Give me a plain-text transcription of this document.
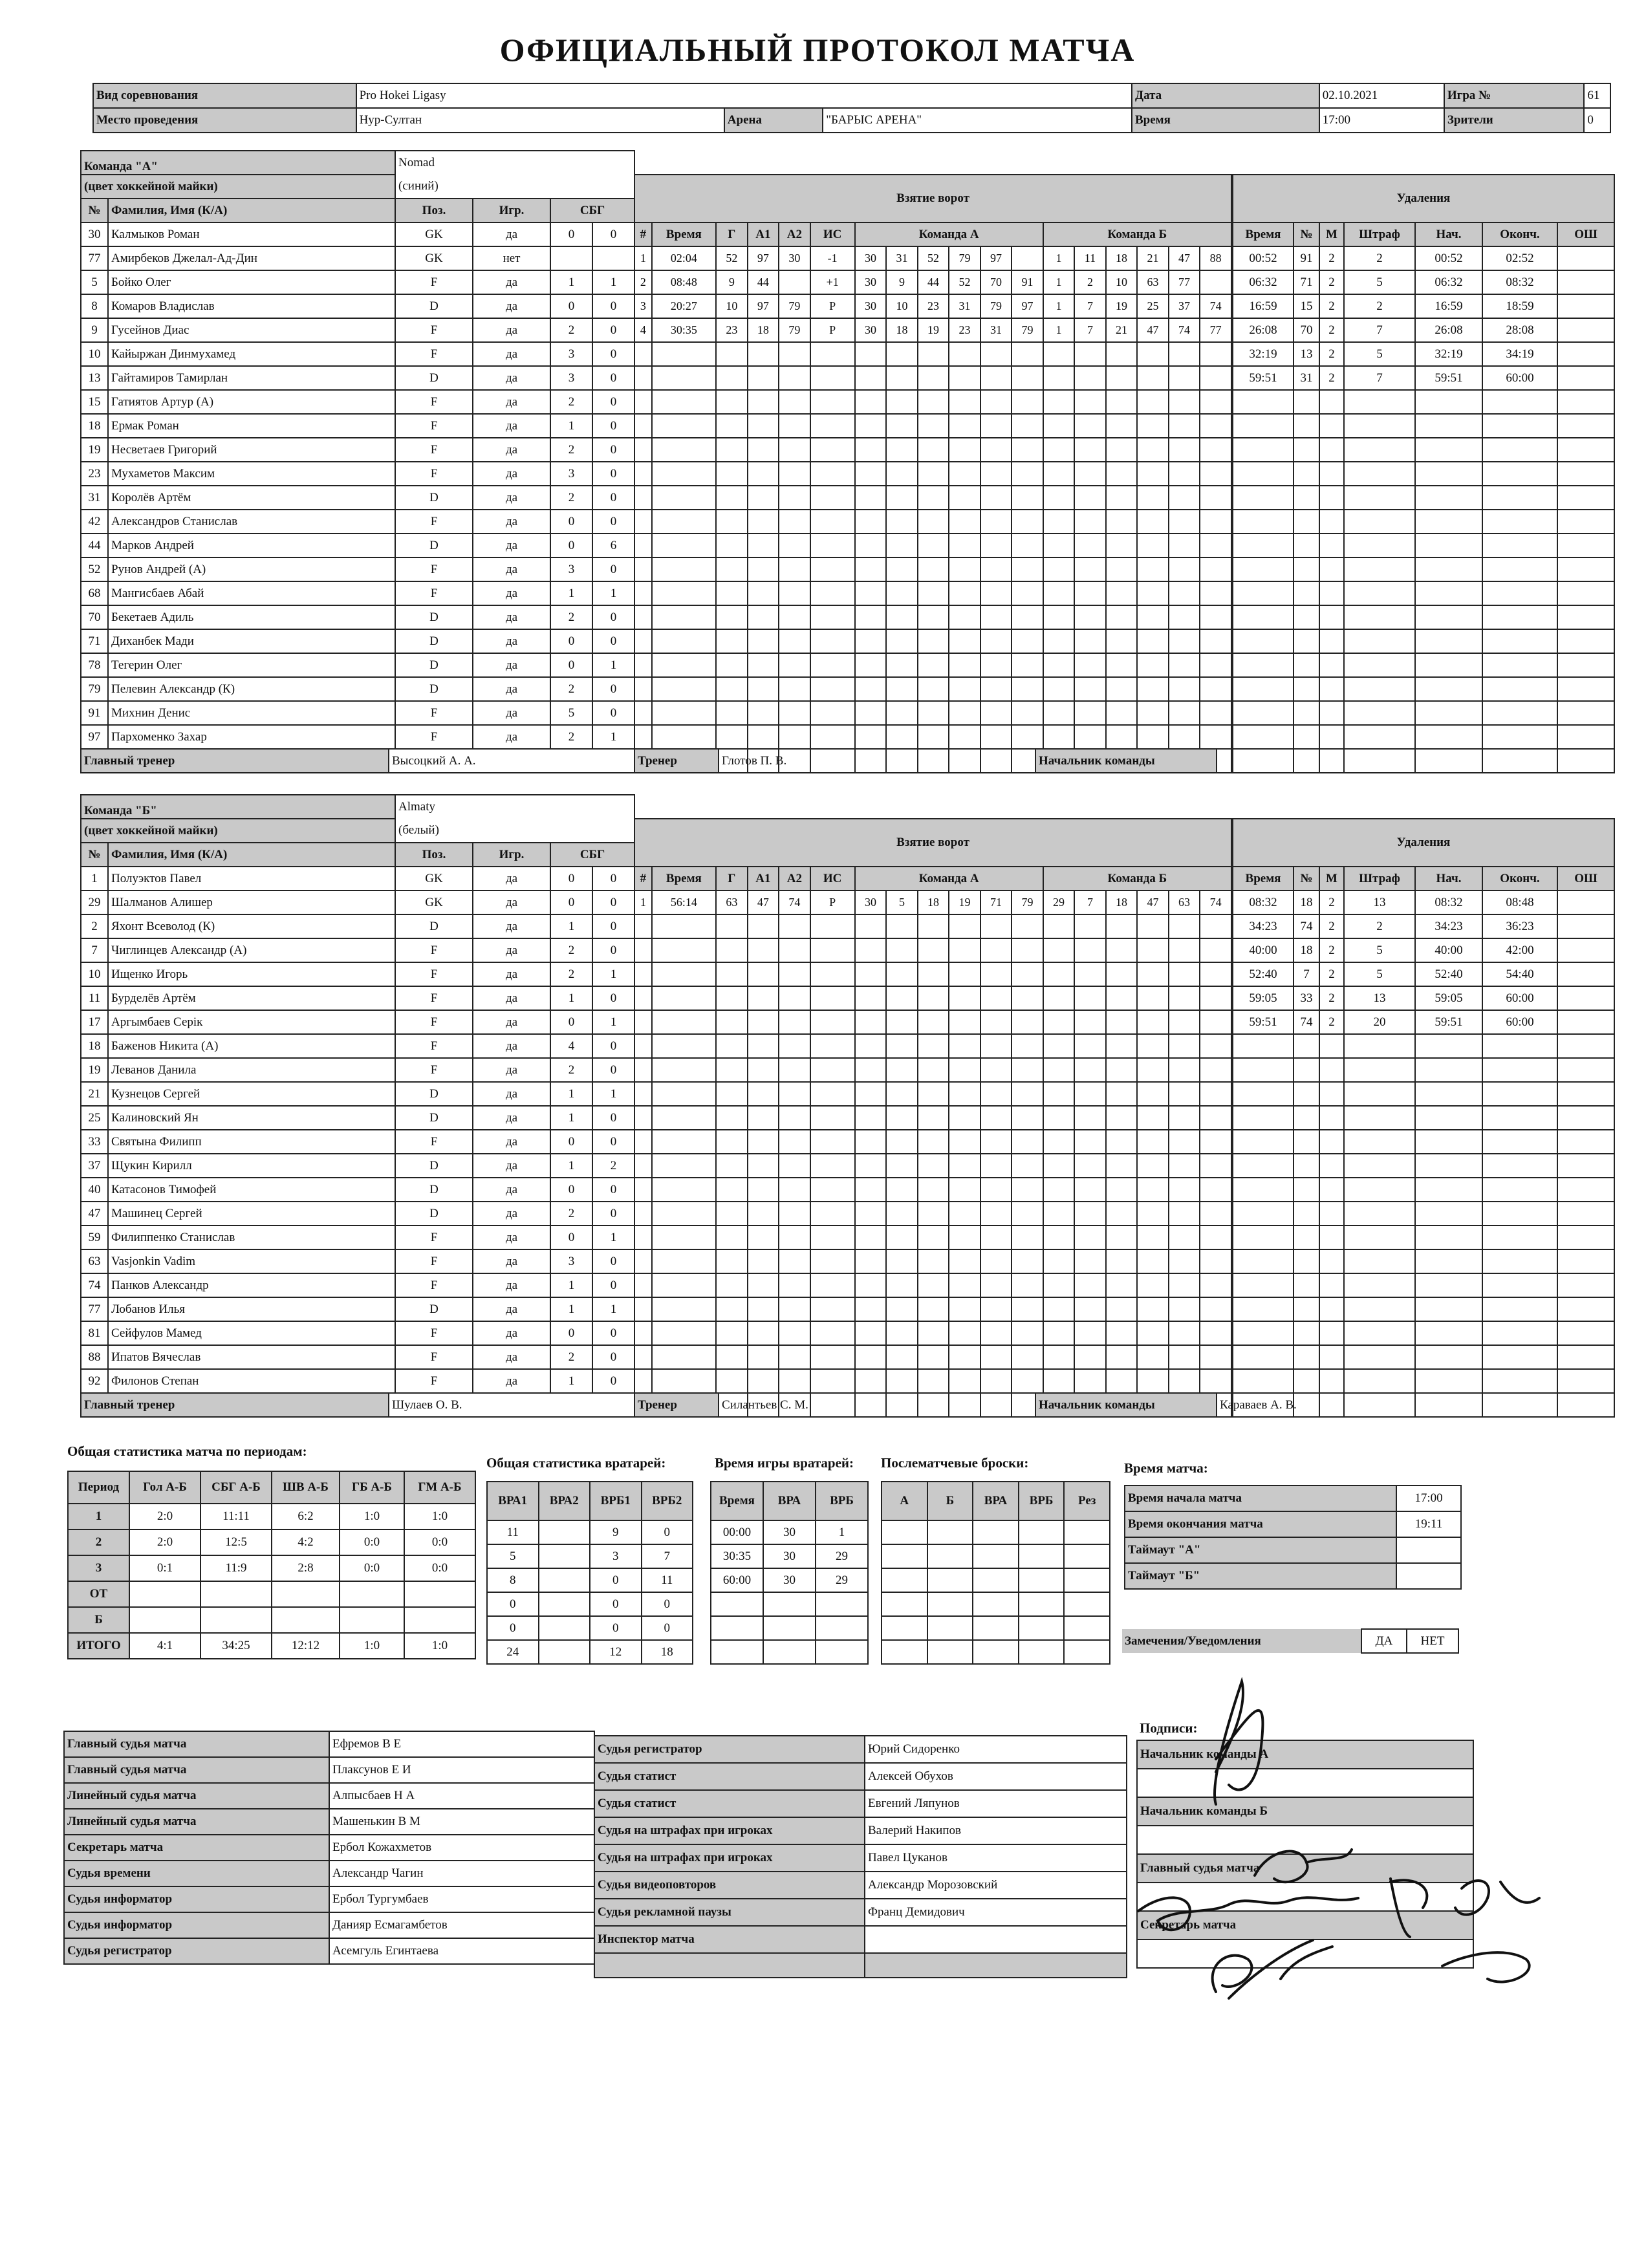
ОФИЦИАЛЬНЫЙ ПРОТОКОЛ МАТЧА
Вид соревнования	Pro Hokei Ligasy			Дата	02.10.2021	Игра №	61
Место проведения	Нур-Султан	Арена	"БАРЫС АРЕНА"	Время	17:00	Зрители	0
Команда "А"		Nomad			
(цвет хоккейной майки)		(синий)			
№	Фамилия, Имя (К/А)	Поз.	Игр.	СБГ	
30	Калмыков Роман	GK	да	0	0
77	Амирбеков Джелал-Ад-Дин	GK	нет		
5	Бойко Олег	F	да	1	1
8	Комаров Владислав	D	да	0	0
9	Гусейнов Диас	F	да	2	0
10	Кайыржан Динмухамед	F	да	3	0
13	Гайтамиров Тамирлан	D	да	3	0
15	Гатиятов Артур (А)	F	да	2	0
18	Ермак Роман	F	да	1	0
19	Несветаев Григорий	F	да	2	0
23	Мухаметов Максим	F	да	3	0
31	Королёв Артём	D	да	2	0
42	Александров Станислав	F	да	0	0
44	Марков Андрей	D	да	0	6
52	Рунов Андрей (А)	F	да	3	0
68	Мангисбаев Абай	F	да	1	1
70	Бекетаев Адиль	D	да	2	0
71	Диханбек Мади	D	да	0	0
78	Тегерин Олег	D	да	0	1
79	Пелевин Александр (К)	D	да	2	0
91	Михнин Денис	F	да	5	0
97	Пархоменко Захар	F	да	2	1
Взятие ворот																	
#	Время	Г	А1	А2	ИС	Команда А						Команда Б					
1	02:04	52	97	30	-1	30	31	52	79	97		1	11	18	21	47	88
2	08:48	9	44		+1	30	9	44	52	70	91	1	2	10	63	77	
3	20:27	10	97	79	Р	30	10	23	31	79	97	1	7	19	25	37	74
4	30:35	23	18	79	Р	30	18	19	23	31	79	1	7	21	47	74	77

Удаления						
Время	№	М	Штраф	Нач.	Оконч.	ОШ
00:52	91	2	2	00:52	02:52	
06:32	71	2	5	06:32	08:32	
16:59	15	2	2	16:59	18:59	
26:08	70	2	7	26:08	28:08	
32:19	13	2	5	32:19	34:19	
59:51	31	2	7	59:51	60:00	

Главный тренер	Высоцкий А. А.	Тренер	Глотов П. В.	Начальник команды	
Команда "Б"		Almaty			
(цвет хоккейной майки)		(белый)			
№	Фамилия, Имя (К/А)	Поз.	Игр.	СБГ	
1	Полуэктов Павел	GK	да	0	0
29	Шалманов Алишер	GK	да	0	0
2	Яхонт Всеволод (К)	D	да	1	0
7	Чиглинцев Александр (А)	F	да	2	0
10	Ищенко Игорь	F	да	2	1
11	Бурделёв Артём	F	да	1	0
17	Аргымбаев Серік	F	да	0	1
18	Баженов Никита (А)	F	да	4	0
19	Леванов Данила	F	да	2	0
21	Кузнецов Сергей	D	да	1	1
25	Калиновский Ян	D	да	1	0
33	Святына Филипп	F	да	0	0
37	Щукин Кирилл	D	да	1	2
40	Катасонов Тимофей	D	да	0	0
47	Машинец Сергей	D	да	2	0
59	Филиппенко Станислав	F	да	0	1
63	Vasjonkin Vadim	F	да	3	0
74	Панков Александр	F	да	1	0
77	Лобанов Илья	D	да	1	1
81	Сейфулов Мамед	F	да	0	0
88	Ипатов Вячеслав	F	да	2	0
92	Филонов Степан	F	да	1	0
Взятие ворот																	
#	Время	Г	А1	А2	ИС	Команда А						Команда Б					
1	56:14	63	47	74	Р	30	5	18	19	71	79	29	7	18	47	63	74

Удаления						
Время	№	М	Штраф	Нач.	Оконч.	ОШ
08:32	18	2	13	08:32	08:48	
34:23	74	2	2	34:23	36:23	
40:00	18	2	5	40:00	42:00	
52:40	7	2	5	52:40	54:40	
59:05	33	2	13	59:05	60:00	
59:51	74	2	20	59:51	60:00	

Главный тренер	Шулаев О. В.	Тренер	Силантьев С. М.	Начальник команды	Караваев А. В.
Общая статистика матча по периодам:
Период	Гол А-Б	СБГ А-Б	ШВ А-Б	ГБ А-Б	ГМ А-Б
1	2:0	11:11	6:2	1:0	1:0
2	2:0	12:5	4:2	0:0	0:0
3	0:1	11:9	2:8	0:0	0:0
ОТ					
Б					
ИТОГО	4:1	34:25	12:12	1:0	1:0
Общая статистика вратарей:
ВРА1	ВРА2	ВРБ1	ВРБ2
11		9	0
5		3	7
8		0	11
0		0	0
0		0	0
24		12	18
Время игры вратарей:
Время	ВРА	ВРБ
00:00	30	1
30:35	30	29
60:00	30	29

Послематчевые броски:
А	Б	ВРА	ВРБ	Рез

Время матча:
Время начала матча	17:00
Время окончания матча	19:11
Таймаут "А"	
Таймаут "Б"	
Замечения/Уведомления	ДА	НЕТ
Главный судья матча	Ефремов В Е
Главный судья матча	Плаксунов Е И
Линейный судья матча	Алпысбаев Н А
Линейный судья матча	Машенькин В М
Секретарь матча	Ербол Кожахметов
Судья времени	Александр Чагин
Судья информатор	Ербол Тургумбаев
Судья информатор	Данияр Есмагамбетов
Судья регистратор	Асемгуль Егинтаева
Судья регистратор	Юрий Сидоренко
Судья статист	Алексей Обухов
Судья статист	Евгений Ляпунов
Судья на штрафах при игроках	Валерий Накипов
Судья на штрафах при игроках	Павел Цуканов
Судья видеоповторов	Александр Морозовский
Судья рекламной паузы	Франц Демидович
Инспектор матча	

Подписи:
Начальник команды А

Начальник команды Б

Главный судья матча

Секретарь матча
